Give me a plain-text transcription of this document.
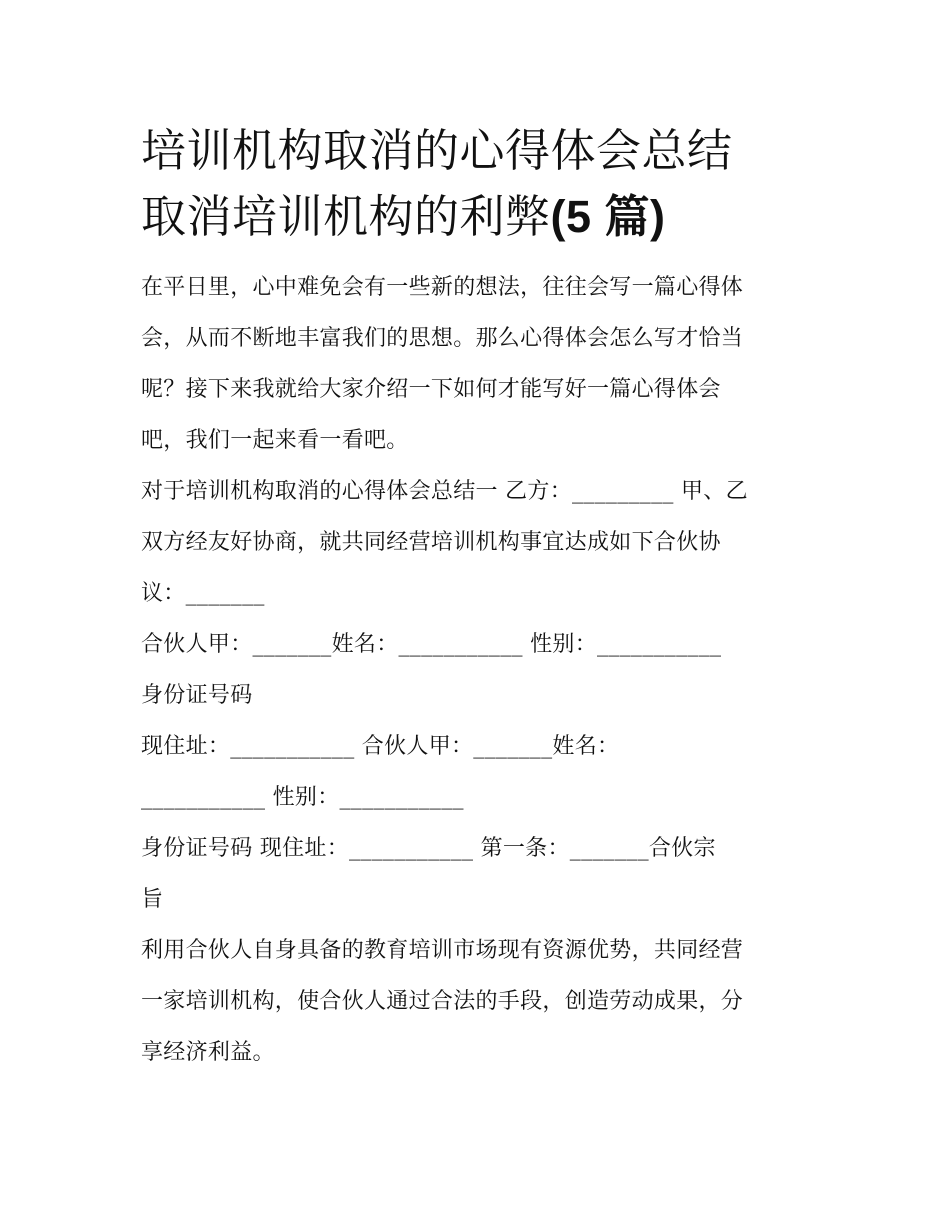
培训机构取消的心得体会总结
取消培训机构的利弊(5 篇)

在平日里，心中难免会有一些新的想法，往往会写一篇心得体
会，从而不断地丰富我们的思想。那么心得体会怎么写才恰当
呢？接下来我就给大家介绍一下如何才能写好一篇心得体会
吧，我们一起来看一看吧。

对于培训机构取消的心得体会总结一 乙方：_________ 甲、乙
双方经友好协商，就共同经营培训机构事宜达成如下合伙协
议：_______

合伙人甲：_______姓名：___________ 性别：___________
身份证号码

现住址：___________ 合伙人甲：_______姓名：
___________ 性别：___________

身份证号码 现住址：___________ 第一条：_______合伙宗
旨

利用合伙人自身具备的教育培训市场现有资源优势，共同经营
一家培训机构，使合伙人通过合法的手段，创造劳动成果，分
享经济利益。
